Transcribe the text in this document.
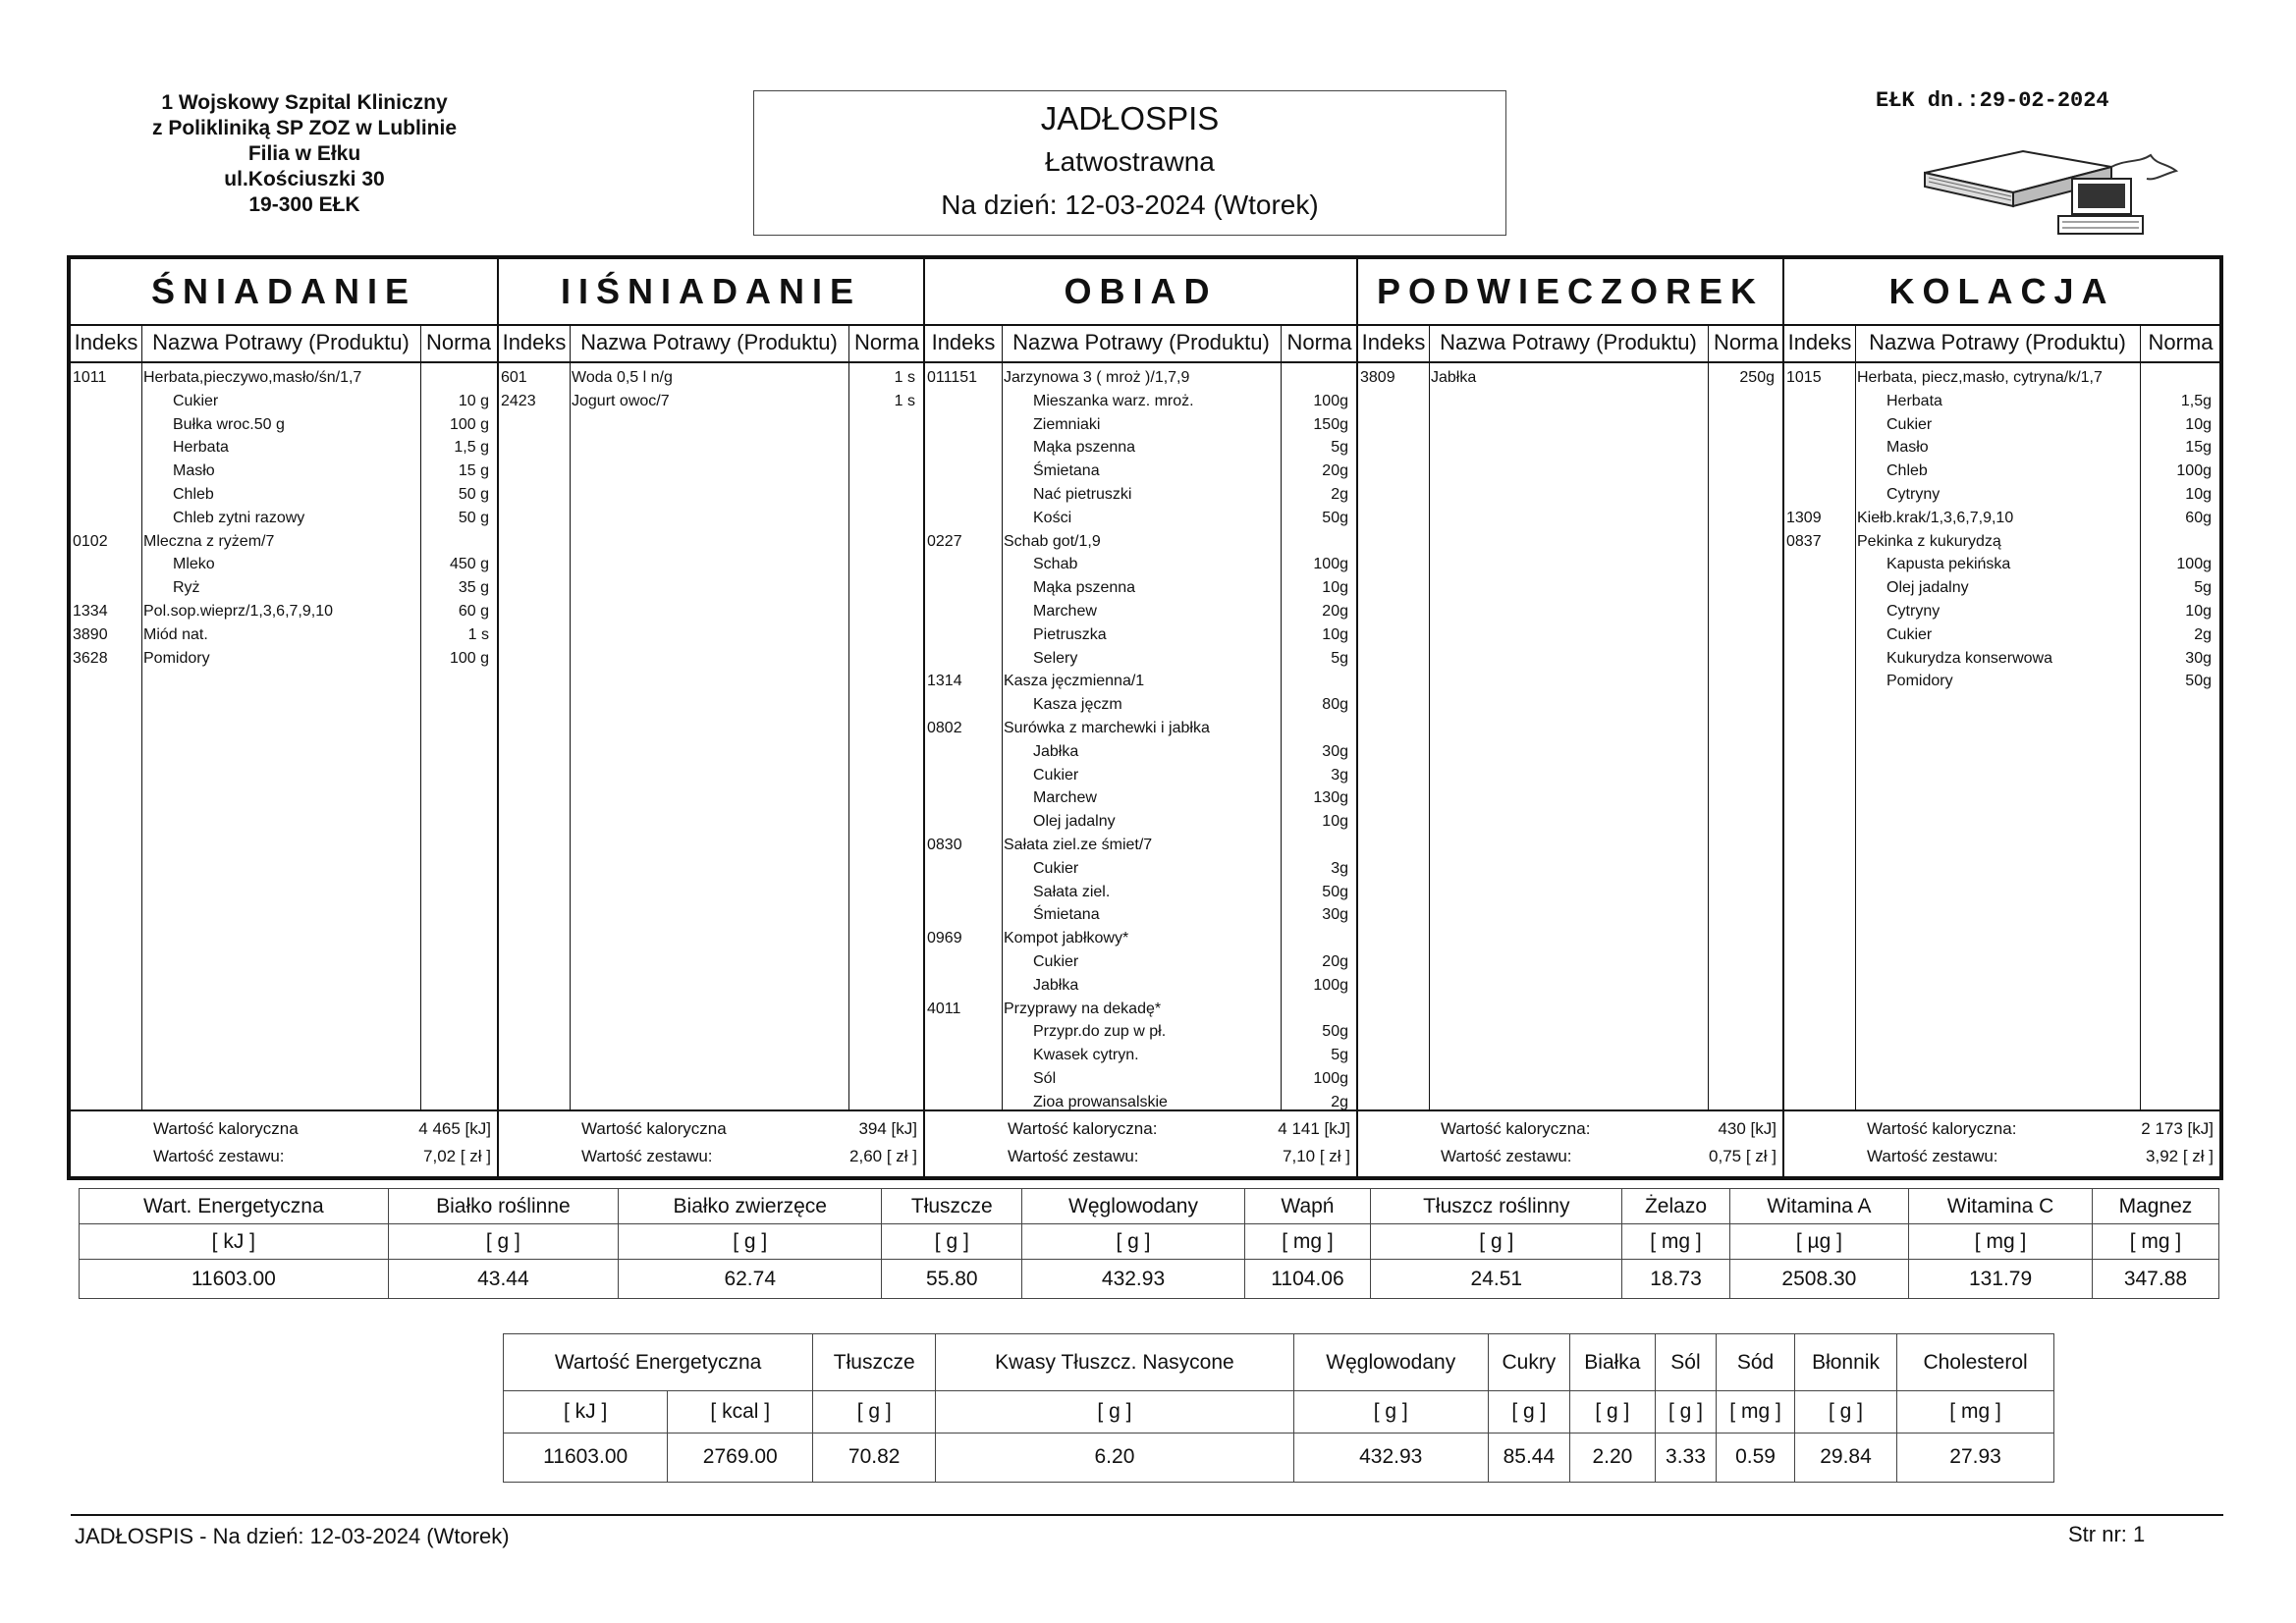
1 Wojskowy Szpital Kliniczny
z Polikliniką SP ZOZ w Lublinie
Filia w Ełku
ul.Kościuszki 30
19-300 EŁK
JADŁOSPIS
Łatwostrawna
Na dzień: 12-03-2024 (Wtorek)
EŁK dn.:29-02-2024
ŚNIADANIE
Indeks Nazwa Potrawy (Produktu) Norma
1011 Herbata,pieczywo,masło/śn/1,7
Cukier	10 g
Bułka wroc.50 g	100 g
Herbata	1,5 g
Masło	15 g
Chleb	50 g
Chleb zytni razowy	50 g
0102 Mleczna z ryżem/7
Mleko	450 g
Ryż	35 g
1334 Pol.sop.wieprz/1,3,6,7,9,10	60 g
3890 Miód nat.	1 s
3628 Pomidory	100 g
Wartość kaloryczna	4 465 [kJ]
Wartość zestawu:	7,02 [ zł ]
IIŚNIADANIE
Indeks Nazwa Potrawy (Produktu) Norma
601	Woda 0,5 l n/g	1 s
2423 Jogurt owoc/7	1 s
Wartość kaloryczna	394 [kJ]
Wartość zestawu:	2,60 [ zł ]
OBIAD
Indeks Nazwa Potrawy (Produktu) Norma
011151 Jarzynowa 3 ( mroż )/1,7,9
Mieszanka warz. mroż.	100g
Ziemniaki	150g
Mąka pszenna	5g
Śmietana	20g
Nać pietruszki	2g
Kości	50g
0227	Schab got/1,9
Schab	100g
Mąka pszenna	10g
Marchew	20g
Pietruszka	10g
Selery	5g
1314	Kasza jęczmienna/1
Kasza jęczm	80g
0802	Surówka z marchewki i jabłka
Jabłka	30g
Cukier	3g
Marchew	130g
Olej jadalny	10g
0830	Sałata ziel.ze śmiet/7
Cukier	3g
Sałata ziel.	50g
Śmietana	30g
0969	Kompot jabłkowy*
Cukier	20g
Jabłka	100g
4011	Przyprawy na dekadę*
Przypr.do zup w pł.	50g
Kwasek cytryn.	5g
Sól	100g
Zioa prowansalskie	2g
Wartość kaloryczna:	4 141 [kJ]
Wartość zestawu:	7,10 [ zł ]
PODWIECZOREK
Indeks Nazwa Potrawy (Produktu) Norma
3809 Jabłka	250g
Wartość kaloryczna:	430 [kJ]
Wartość zestawu:	0,75 [ zł ]
KOLACJA
Indeks Nazwa Potrawy (Produktu)	Norma
1015 Herbata, piecz,masło, cytryna/k/1,7
Herbata	1,5g
Cukier	10g
Masło	15g
Chleb	100g
Cytryny	10g
1309 Kiełb.krak/1,3,6,7,9,10	60g
0837 Pekinka z kukurydzą
Kapusta pekińska	100g
Olej jadalny	5g
Cytryny	10g
Cukier	2g
Kukurydza konserwowa	30g
Pomidory	50g
Wartość kaloryczna:	2 173 [kJ]
Wartość zestawu:	3,92 [ zł ]
Wart. Energetyczna	Białko roślinne	Białko zwierzęce	Tłuszcze	Węglowodany	Wapń	Tłuszcz roślinny	Żelazo	Witamina A	Witamina C	Magnez
[ kJ ]	[ g ]	[ g ]	[ g ]	[ g ]	[ mg ]	[ g ]	[ mg ]	[ µg ]	[ mg ]	[ mg ]
11603.00	43.44	62.74	55.80	432.93	1104.06	24.51	18.73	2508.30	131.79	347.88
Wartość Energetyczna		Tłuszcze	Kwasy Tłuszcz. Nasycone	Węglowodany	Cukry	Białka	Sól	Sód	Błonnik	Cholesterol
[ kJ ]	[ kcal ]	[ g ]	[ g ]	[ g ]	[ g ]	[ g ]	[ g ]	[ mg ]	[ g ]	[ mg ]
11603.00	2769.00	70.82	6.20	432.93	85.44	2.20	3.33	0.59	29.84	27.93
JADŁOSPIS - Na dzień: 12-03-2024 (Wtorek)	Str nr: 1
